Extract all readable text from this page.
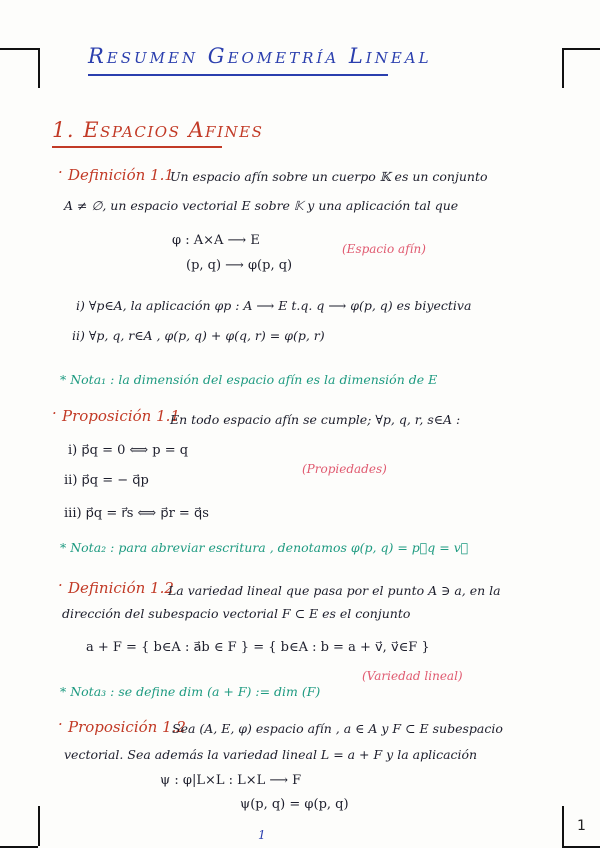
Resumen Geometría Lineal
1. Espacios Afines
· Definición 1.1
Un espacio afín sobre un cuerpo 𝕂 es un conjunto
A ≠ ∅, un espacio vectorial E sobre 𝕂 y una aplicación tal que
φ : A×A ⟶ E
(p, q) ⟶ φ(p, q)
(Espacio afín)
i) ∀p∈A, la aplicación φp : A ⟶ E t.q. q ⟶ φ(p, q) es biyectiva
ii) ∀p, q, r∈A , φ(p, q) + φ(q, r) = φ(p, r)
* Nota₁ : la dimensión del espacio afín es la dimensión de E
· Proposición 1.1
En todo espacio afín se cumple; ∀p, q, r, s∈A :
i) p⃗q = 0 ⟺ p = q
ii) p⃗q = − q⃗p
iii) p⃗q = r⃗s ⟺ p⃗r = q⃗s
(Propiedades)
* Nota₂ : para abreviar escritura , denotamos φ(p, q) = p⃗q = v⃗
· Definición 1.2
La variedad lineal que pasa por el punto A ∋ a, en la
dirección del subespacio vectorial F ⊂ E es el conjunto
a + F = { b∈A : a⃗b ∈ F } = { b∈A : b = a + v⃗, v⃗∈F }
(Variedad lineal)
* Nota₃ : se define dim (a + F) := dim (F)
· Proposición 1.2
Sea (A, E, φ) espacio afín , a ∈ A y F ⊂ E subespacio
vectorial. Sea además la variedad lineal L = a + F y la aplicación
ψ : φ|L×L : L×L ⟶ F
ψ(p, q) = φ(p, q)
1
1
